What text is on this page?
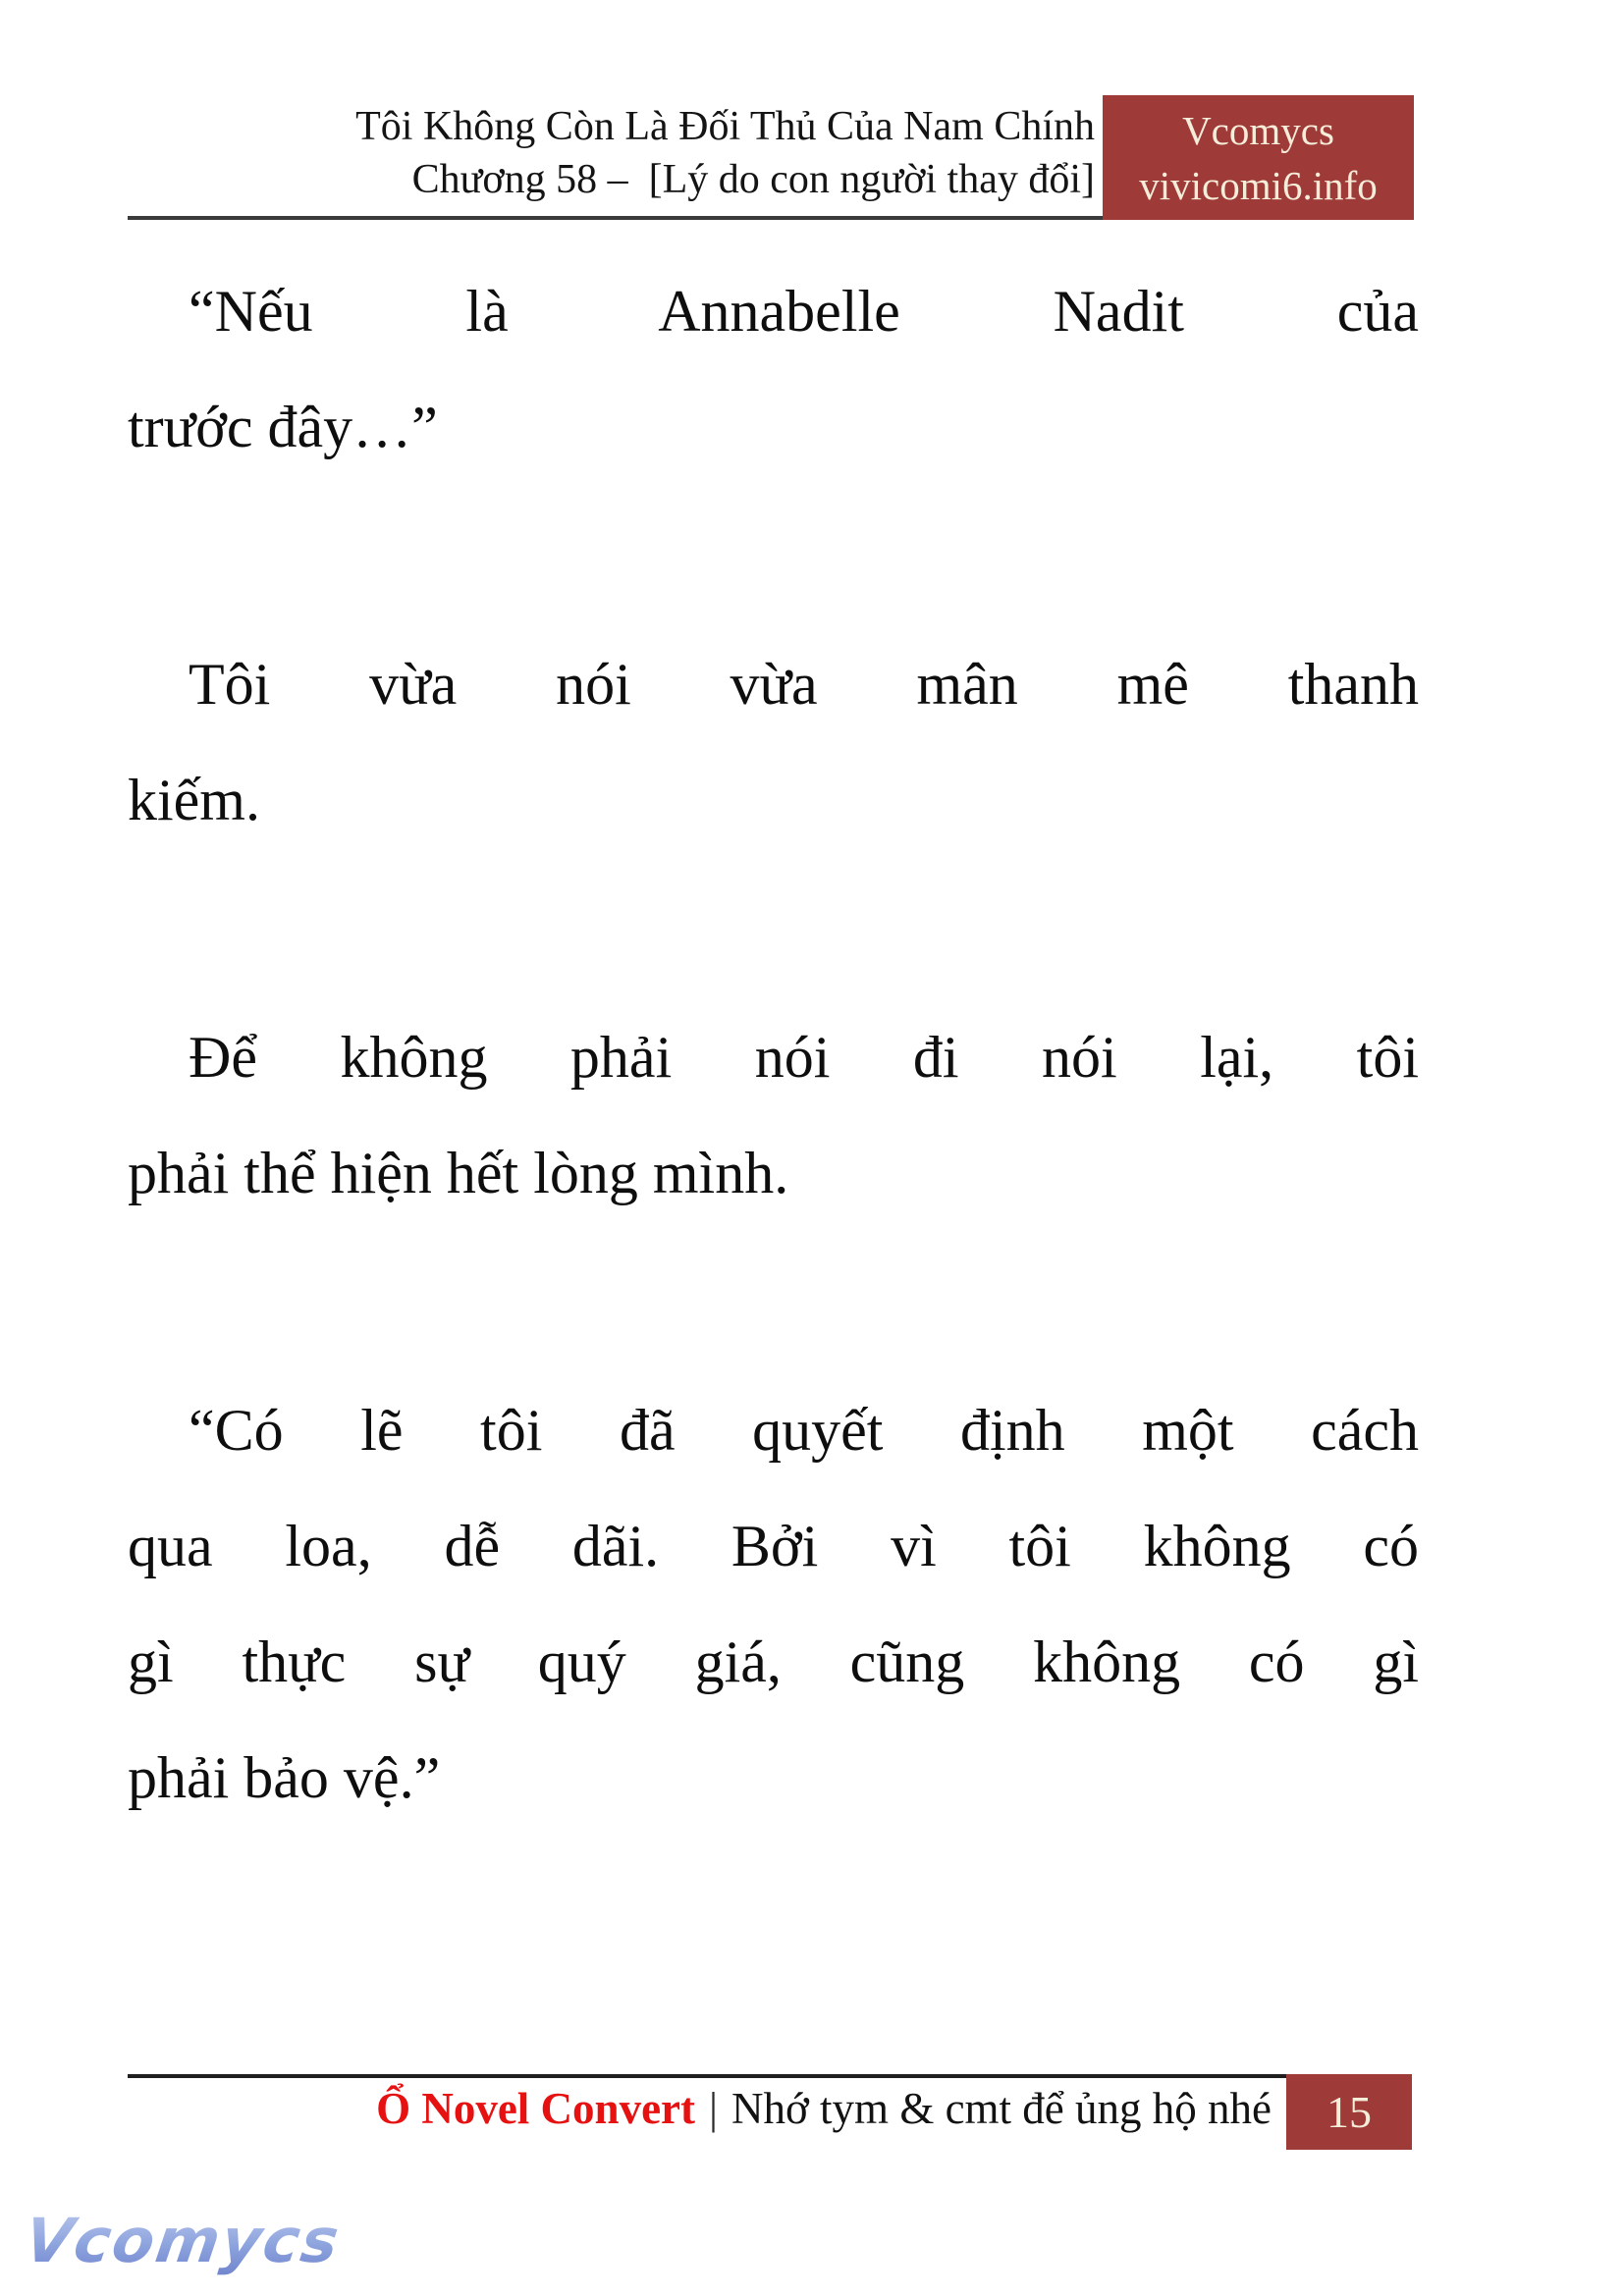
Tôi Không Còn Là Đối Thủ Của Nam Chính
Chương 58 –  [Lý do con người thay đổi]
Vcomycs
vivicomi6.info
“Nếu là Annabelle Nadit của
trước đây…”
Tôi vừa nói vừa mân mê thanh
kiếm.
Để không phải nói đi nói lại, tôi
phải thể hiện hết lòng mình.
“Có lẽ tôi đã quyết định một cách
qua loa, dễ dãi. Bởi vì tôi không có
gì thực sự quý giá, cũng không có gì
phải bảo vệ.”
Ổ Novel Convert | Nhớ tym & cmt để ủng hộ nhé 15
Vcomycs
